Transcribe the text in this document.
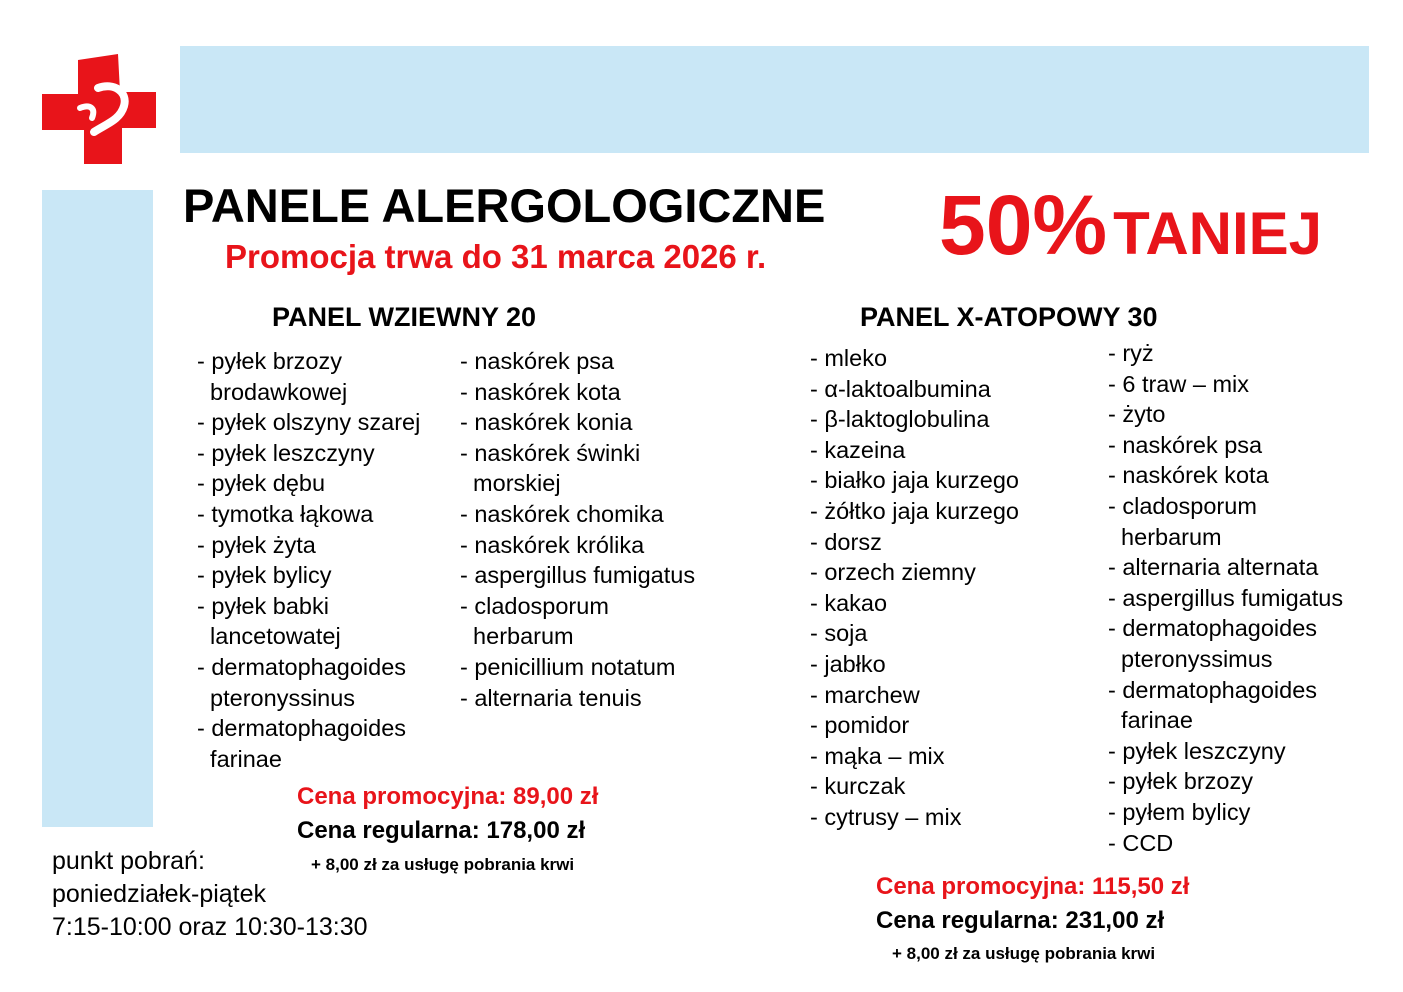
PANELE ALERGOLOGICZNE
Promocja trwa do 31 marca 2026 r. 50% TANIEJ
PANEL WZIEWNY 20
- pyłek brzozy
brodawkowej
- pyłek olszyny szarej
- pyłek leszczyny
- pyłek dębu
- tymotka łąkowa
- pyłek żyta
- pyłek bylicy
- pyłek babki
lancetowatej
- dermatophagoides
pteronyssinus
- dermatophagoides
farinae
- naskórek psa
- naskórek kota
- naskórek konia
- naskórek świnki
morskiej
- naskórek chomika
- naskórek królika
- aspergillus fumigatus
- cladosporum
herbarum
- penicillium notatum
- alternaria tenuis
Cena promocyjna: 89,00 zł
Cena regularna: 178,00 zł
+ 8,00 zł za usługę pobrania krwi
PANEL X-ATOPOWY 30
- mleko
- α-laktoalbumina
- β-laktoglobulina
- kazeina
- białko jaja kurzego
- żółtko jaja kurzego
- dorsz
- orzech ziemny
- kakao
- soja
- jabłko
- marchew
- pomidor
- mąka – mix
- kurczak
- cytrusy – mix
- ryż
- 6 traw – mix
- żyto
- naskórek psa
- naskórek kota
- cladosporum
herbarum
- alternaria alternata
- aspergillus fumigatus
- dermatophagoides
pteronyssimus
- dermatophagoides
farinae
- pyłek leszczyny
- pyłek brzozy
- pyłem bylicy
- CCD
Cena promocyjna: 115,50 zł
Cena regularna: 231,00 zł
+ 8,00 zł za usługę pobrania krwi
punkt pobrań:
poniedziałek-piątek
7:15-10:00 oraz 10:30-13:30
